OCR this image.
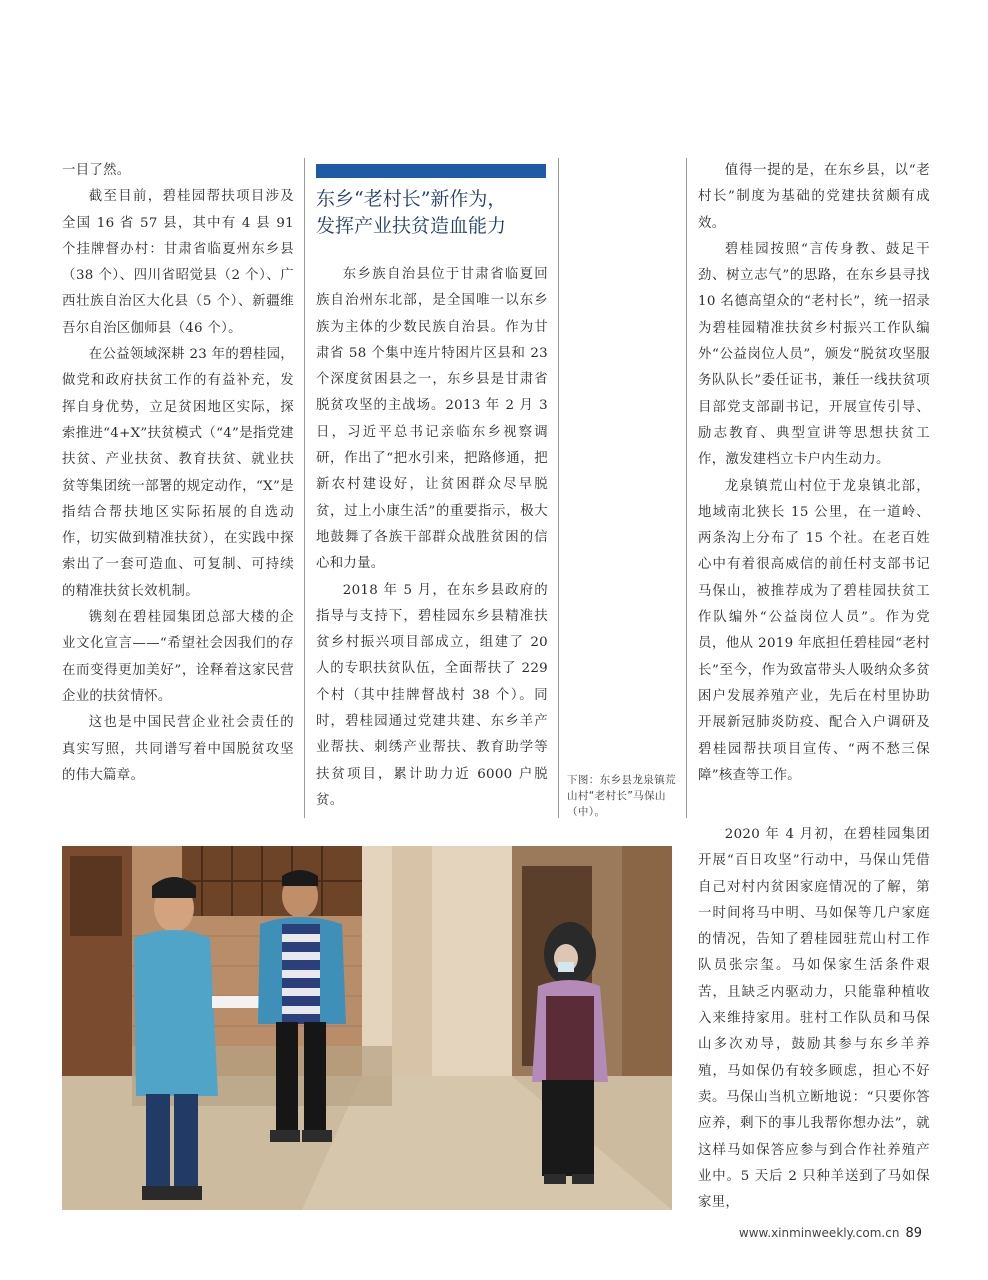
一目了然。

截至目前，碧桂园帮扶项目涉及全国 16 省 57 县，其中有 4 县 91 个挂牌督办村：甘肃省临夏州东乡县（38 个）、四川省昭觉县（2 个）、广西壮族自治区大化县（5 个）、新疆维吾尔自治区伽师县（46 个）。

在公益领域深耕 23 年的碧桂园，做党和政府扶贫工作的有益补充，发挥自身优势，立足贫困地区实际，探索推进“4+X”扶贫模式（“4”是指党建扶贫、产业扶贫、教育扶贫、就业扶贫等集团统一部署的规定动作，“X”是指结合帮扶地区实际拓展的自选动作，切实做到精准扶贫），在实践中探索出了一套可造血、可复制、可持续的精准扶贫长效机制。

镌刻在碧桂园集团总部大楼的企业文化宣言——“希望社会因我们的存在而变得更加美好”，诠释着这家民营企业的扶贫情怀。

这也是中国民营企业社会责任的真实写照，共同谱写着中国脱贫攻坚的伟大篇章。

东乡“老村长”新作为，
发挥产业扶贫造血能力

东乡族自治县位于甘肃省临夏回族自治州东北部，是全国唯一以东乡族为主体的少数民族自治县。作为甘肃省 58 个集中连片特困片区县和 23 个深度贫困县之一，东乡县是甘肃省脱贫攻坚的主战场。2013 年 2 月 3 日，习近平总书记亲临东乡视察调研，作出了“把水引来，把路修通，把新农村建设好，让贫困群众尽早脱贫，过上小康生活”的重要指示，极大地鼓舞了各族干部群众战胜贫困的信心和力量。

2018 年 5 月，在东乡县政府的指导与支持下，碧桂园东乡县精准扶贫乡村振兴项目部成立，组建了 20 人的专职扶贫队伍，全面帮扶了 229 个村（其中挂牌督战村 38 个）。同时，碧桂园通过党建共建、东乡羊产业帮扶、刺绣产业帮扶、教育助学等扶贫项目，累计助力近 6000 户脱贫。

下图：东乡县龙泉镇荒山村“老村长”马保山（中）。

值得一提的是，在东乡县，以“老村长”制度为基础的党建扶贫颇有成效。

碧桂园按照“言传身教、鼓足干劲、树立志气”的思路，在东乡县寻找 10 名德高望众的“老村长”，统一招录为碧桂园精准扶贫乡村振兴工作队编外“公益岗位人员”，颁发“脱贫攻坚服务队队长”委任证书，兼任一线扶贫项目部党支部副书记，开展宣传引导、励志教育、典型宣讲等思想扶贫工作，激发建档立卡户内生动力。

龙泉镇荒山村位于龙泉镇北部，地域南北狭长 15 公里，在一道岭、两条沟上分布了 15 个社。在老百姓心中有着很高威信的前任村支部书记马保山，被推荐成为了碧桂园扶贫工作队编外“公益岗位人员”。作为党员，他从 2019 年底担任碧桂园“老村长”至今，作为致富带头人吸纳众多贫困户发展养殖产业，先后在村里协助开展新冠肺炎防疫、配合入户调研及碧桂园帮扶项目宣传、“两不愁三保障”核查等工作。

2020 年 4 月初，在碧桂园集团开展“百日攻坚”行动中，马保山凭借自己对村内贫困家庭情况的了解，第一时间将马中明、马如保等几户家庭的情况，告知了碧桂园驻荒山村工作队员张宗玺。马如保家生活条件艰苦，且缺乏内驱动力，只能靠种植收入来维持家用。驻村工作队员和马保山多次劝导，鼓励其参与东乡羊养殖，马如保仍有较多顾虑，担心不好卖。马保山当机立断地说：“只要你答应养，剩下的事儿我帮你想办法”，就这样马如保答应参与到合作社养殖产业中。5 天后 2 只种羊送到了马如保家里，

www.xinminweekly.com.cn 89
